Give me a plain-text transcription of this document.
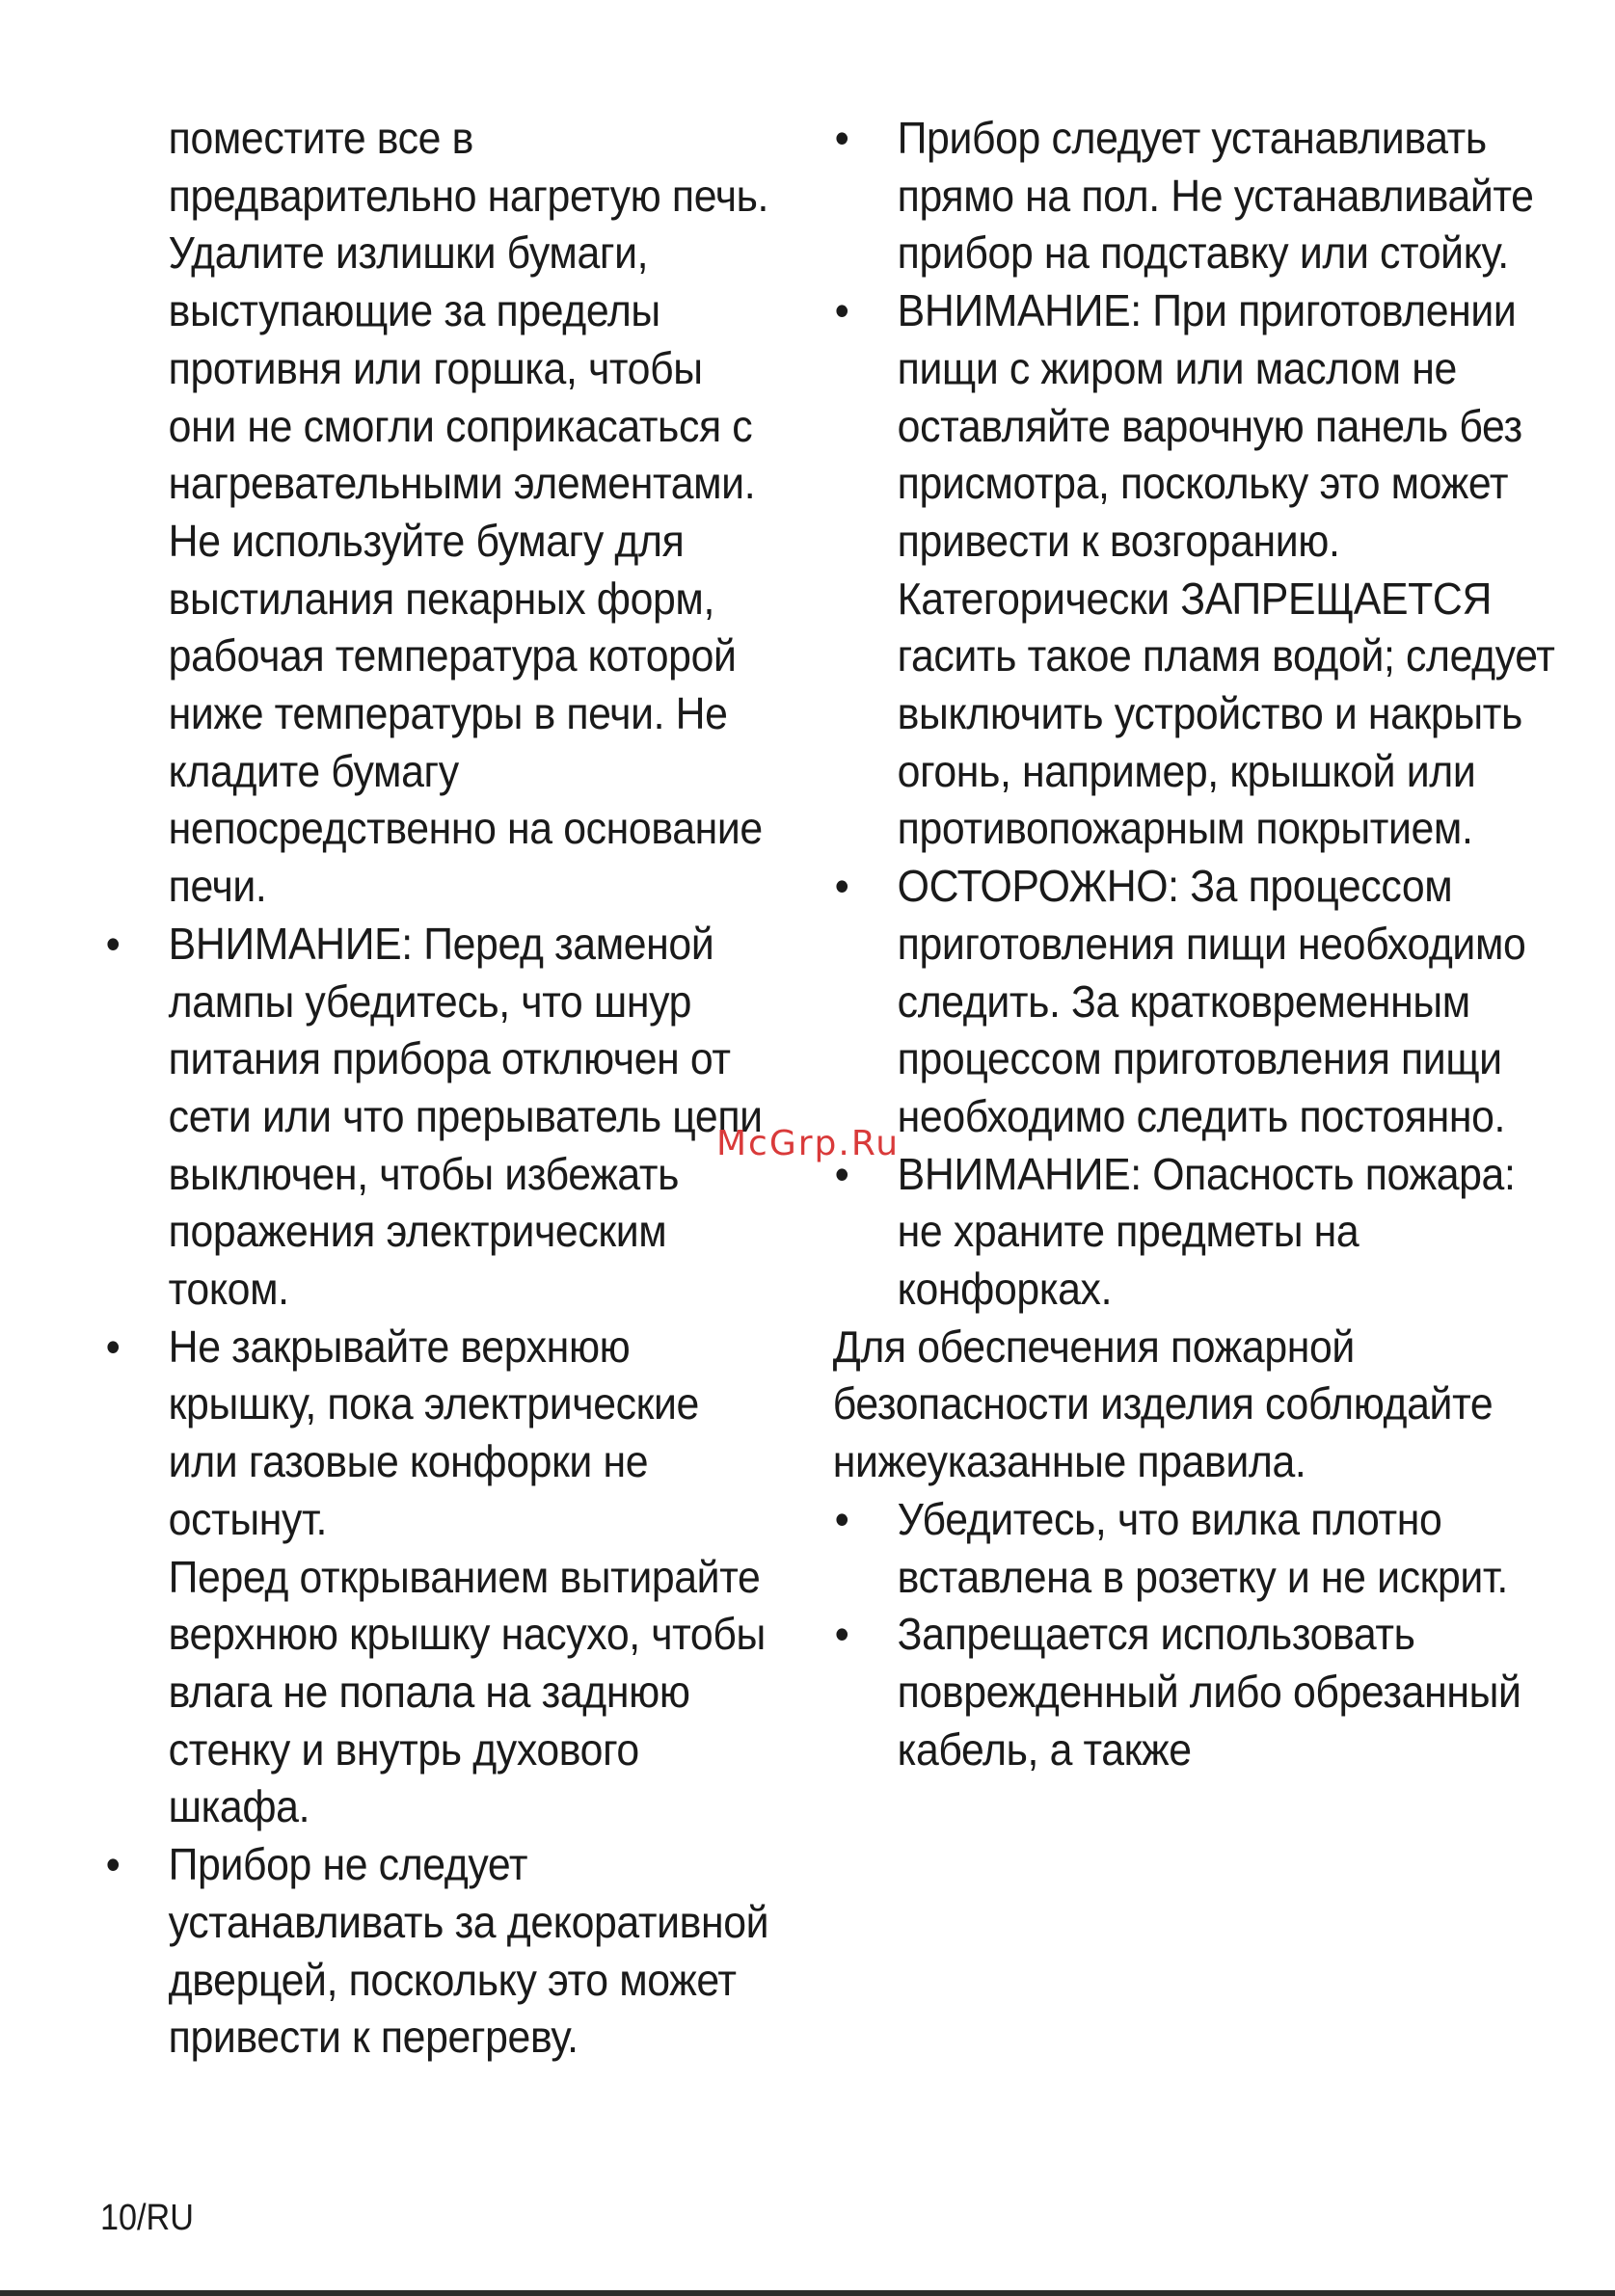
поместите все в предварительно нагретую печь. Удалите излишки бумаги, выступающие за пределы противня или горшка, чтобы они не смогли соприкасаться с нагревательными элементами. Не используйте бумагу для выстилания пекарных форм, рабочая температура которой ниже температуры в печи. Не кладите бумагу непосредственно на основание печи.

• ВНИМАНИЕ: Перед заменой лампы убедитесь, что шнур питания прибора отключен от сети или что прерыватель цепи выключен, чтобы избежать поражения электрическим током.

• Не закрывайте верхнюю крышку, пока электрические или газовые конфорки не остынут.

Перед открыванием вытирайте верхнюю крышку насухо, чтобы влага не попала на заднюю стенку и внутрь духового шкафа.

• Прибор не следует устанавливать за декоративной дверцей, поскольку это может привести к перегреву.

• Прибор следует устанавливать прямо на пол. Не устанавливайте прибор на подставку или стойку.

• ВНИМАНИЕ: При приготовлении пищи с жиром или маслом не оставляйте варочную панель без присмотра, поскольку это может привести к возгоранию. Категорически ЗАПРЕЩАЕТСЯ гасить такое пламя водой; следует выключить устройство и накрыть огонь, например, крышкой или противопожарным покрытием.

• ОСТОРОЖНО: За процессом приготовления пищи необходимо следить. За кратковременным процессом приготовления пищи необходимо следить постоянно.

• ВНИМАНИЕ: Опасность пожара: не храните предметы на конфорках.

Для обеспечения пожарной безопасности изделия соблюдайте нижеуказанные правила.

• Убедитесь, что вилка плотно вставлена в розетку и не искрит.

• Запрещается использовать поврежденный либо обрезанный кабель, а также

McGrp.Ru
10/RU
